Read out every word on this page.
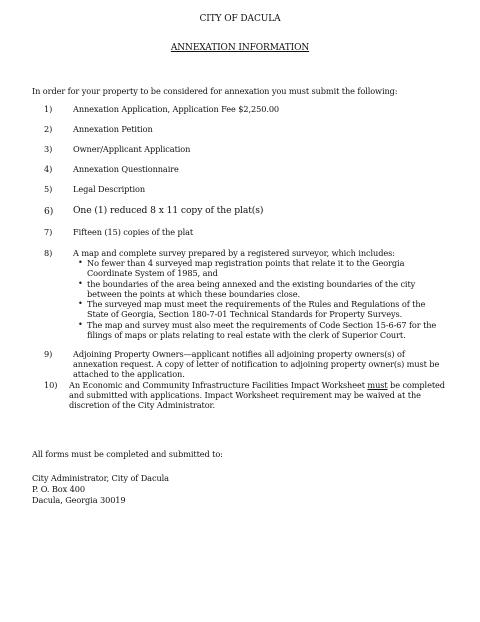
CITY OF DACULA
ANNEXATION INFORMATION
In order for your property to be considered for annexation you must submit the following:
1)	Annexation Application, Application Fee $2,250.00
2)	Annexation Petition
3)	Owner/Applicant Application
4)	Annexation Questionnaire
5)	Legal Description
6) One (1) reduced 8 x 11 copy of the plat(s)
7)	Fifteen (15) copies of the plat
8)	A map and complete survey prepared by a registered surveyor, which includes:
• No fewer than 4 surveyed map registration points that relate it to the Georgia Coordinate System of 1985, and
• the boundaries of the area being annexed and the existing boundaries of the city between the points at which these boundaries close.
• The surveyed map must meet the requirements of the Rules and Regulations of the State of Georgia, Section 180-7-01 Technical Standards for Property Surveys.
• The map and survey must also meet the requirements of Code Section 15-6-67 for the filings of maps or plats relating to real estate with the clerk of Superior Court.
9)	Adjoining Property Owners—applicant notifies all adjoining property owners(s) of annexation request. A copy of letter of notification to adjoining property owner(s) must be attached to the application.
10) An Economic and Community Infrastructure Facilities Impact Worksheet must be completed and submitted with applications. Impact Worksheet requirement may be waived at the discretion of the City Administrator.
All forms must be completed and submitted to:
City Administrator, City of Dacula
P. O. Box 400
Dacula, Georgia 30019
